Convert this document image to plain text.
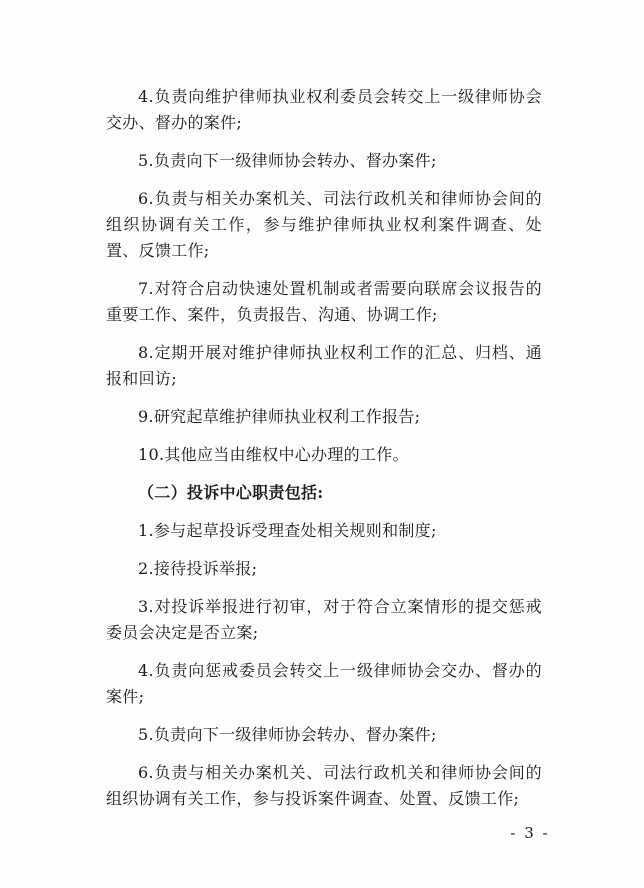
4.负责向维护律师执业权利委员会转交上一级律师协会交办、督办的案件;

5.负责向下一级律师协会转办、督办案件;

6.负责与相关办案机关、司法行政机关和律师协会间的组织协调有关工作，参与维护律师执业权利案件调查、处置、反馈工作;

7.对符合启动快速处置机制或者需要向联席会议报告的重要工作、案件，负责报告、沟通、协调工作;

8.定期开展对维护律师执业权利工作的汇总、归档、通报和回访;

9.研究起草维护律师执业权利工作报告;

10.其他应当由维权中心办理的工作。

（二）投诉中心职责包括:

1.参与起草投诉受理查处相关规则和制度;

2.接待投诉举报;

3.对投诉举报进行初审，对于符合立案情形的提交惩戒委员会决定是否立案;

4.负责向惩戒委员会转交上一级律师协会交办、督办的案件;

5.负责向下一级律师协会转办、督办案件;

6.负责与相关办案机关、司法行政机关和律师协会间的组织协调有关工作，参与投诉案件调查、处置、反馈工作;

- 3 -
